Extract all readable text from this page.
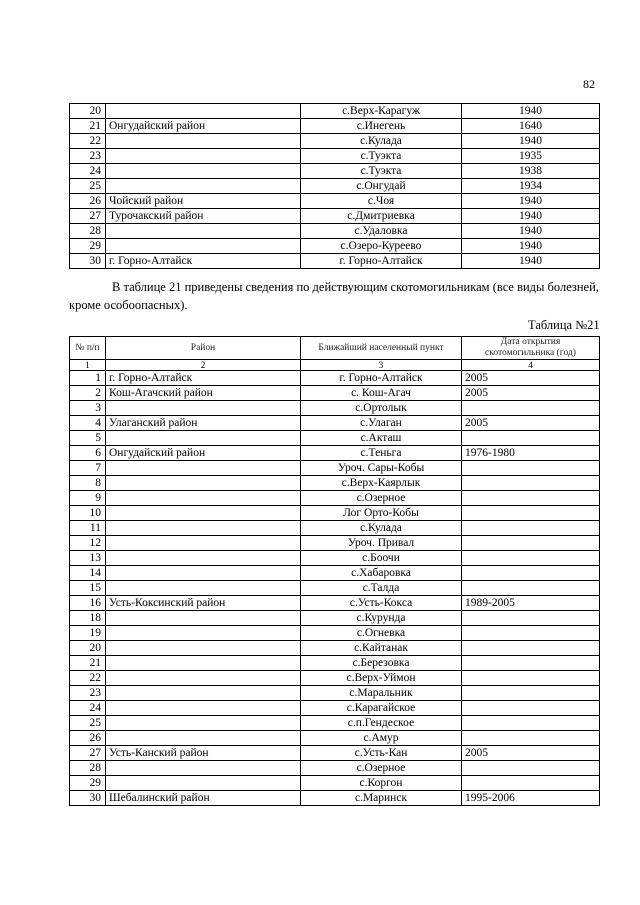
82
20		с.Верх-Карагуж	1940
21	Онгудайский район	с.Инегень	1640
22		с.Кулада	1940
23		с.Туэкта	1935
24		с.Туэкта	1938
25		с.Онгудай	1934
26	Чойский район	с.Чоя	1940
27	Турочакский район	с.Дмитриевка	1940
28		с.Удаловка	1940
29		с.Озеро-Куреево	1940
30	г. Горно-Алтайск	г. Горно-Алтайск	1940
В таблице 21 приведены сведения по действующим скотомогильникам (все виды болезней, кроме особоопасных).
Таблица №21
№ п/п	Район	Ближайший населенный пункт	Дата открытия скотомогильника (год)
1	2	3	4
1	г. Горно-Алтайск	г. Горно-Алтайск	2005
2	Кош-Агачский район	с. Кош-Агач	2005
3		с.Ортолык	
4	Улаганский район	с.Улаган	2005
5		с.Акташ	
6	Онгудайский район	с.Теньга	1976-1980
7		Уроч. Сары-Кобы	
8		с.Верх-Каярлык	
9		с.Озерное	
10		Лог Орто-Кобы	
11		с.Кулада	
12		Уроч. Привал	
13		с.Боочи	
14		с.Хабаровка	
15		с.Талда	
16	Усть-Коксинский район	с.Усть-Кокса	1989-2005
18		с.Курунда	
19		с.Огневка	
20		с.Кайтанак	
21		с.Березовка	
22		с.Верх-Уймон	
23		с.Маральник	
24		с.Карагайское	
25		с.п.Гендеское	
26		с.Амур	
27	Усть-Канский район	с.Усть-Кан	2005
28		с.Озерное	
29		с.Коргон	
30	Шебалинский район	с.Маринск	1995-2006
